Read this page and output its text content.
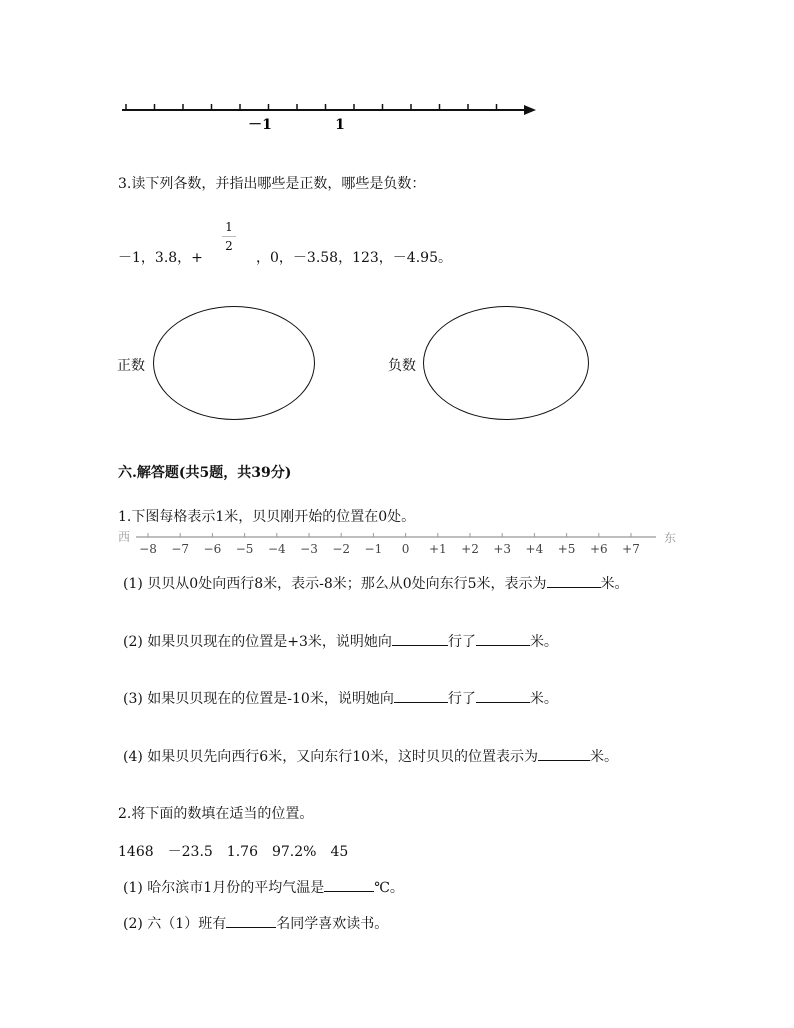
－1	1
3.读下列各数，并指出哪些是正数，哪些是负数：
1
2
－1，3.8，+	，0，－3.58，123，－4.95。
正数	负数
六.解答题(共5题，共39分)
1.下图每格表示1米，贝贝刚开始的位置在0处。
西	东
−8 −7 −6 −5 −4 −3 −2 −1 0 +1 +2 +3 +4 +5 +6 +7
(1) 贝贝从0处向西行8米，表示-8米；那么从0处向东行5米，表示为	米。
(2) 如果贝贝现在的位置是+3米，说明她向	行了	米。
(3) 如果贝贝现在的位置是-10米，说明她向	行了	米。
(4) 如果贝贝先向西行6米，又向东行10米，这时贝贝的位置表示为	米。
2.将下面的数填在适当的位置。
1468　－23.5　1.76　97.2%　45
(1) 哈尔滨市1月份的平均气温是	℃。
(2) 六（1）班有	名同学喜欢读书。
